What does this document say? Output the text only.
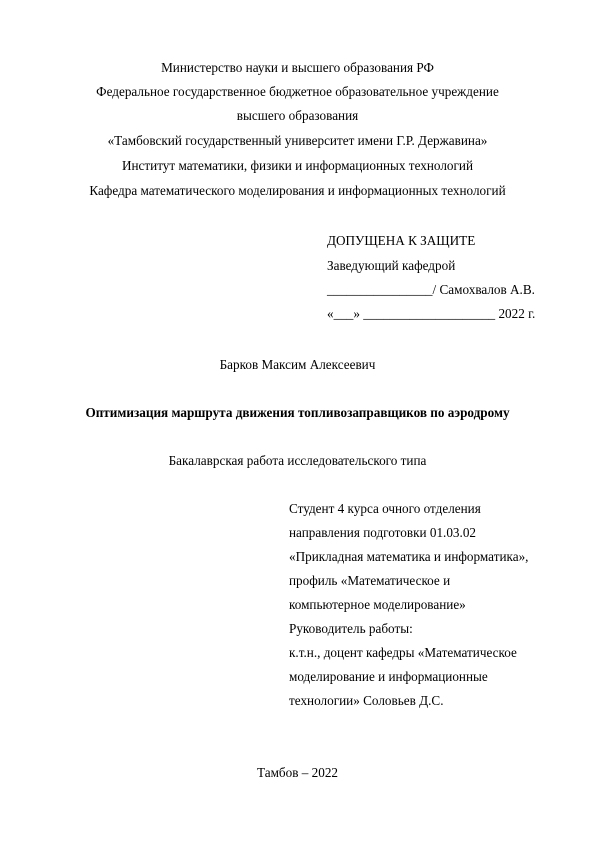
Министерство науки и высшего образования РФ
Федеральное государственное бюджетное образовательное учреждение
высшего образования
«Тамбовский государственный университет имени Г.Р. Державина»
Институт математики, физики и информационных технологий
Кафедра математического моделирования и информационных технологий
ДОПУЩЕНА К ЗАЩИТЕ
Заведующий кафедрой
________________/ Самохвалов А.В.
«___» ____________________ 2022 г.
Барков Максим Алексеевич
Оптимизация маршрута движения топливозаправщиков по аэродрому
Бакалаврская работа исследовательского типа
Студент 4 курса очного отделения
направления подготовки 01.03.02
«Прикладная математика и информатика»,
профиль «Математическое и
компьютерное моделирование»
Руководитель работы:
к.т.н., доцент кафедры «Математическое
моделирование и информационные
технологии» Соловьев Д.С.
Тамбов – 2022
